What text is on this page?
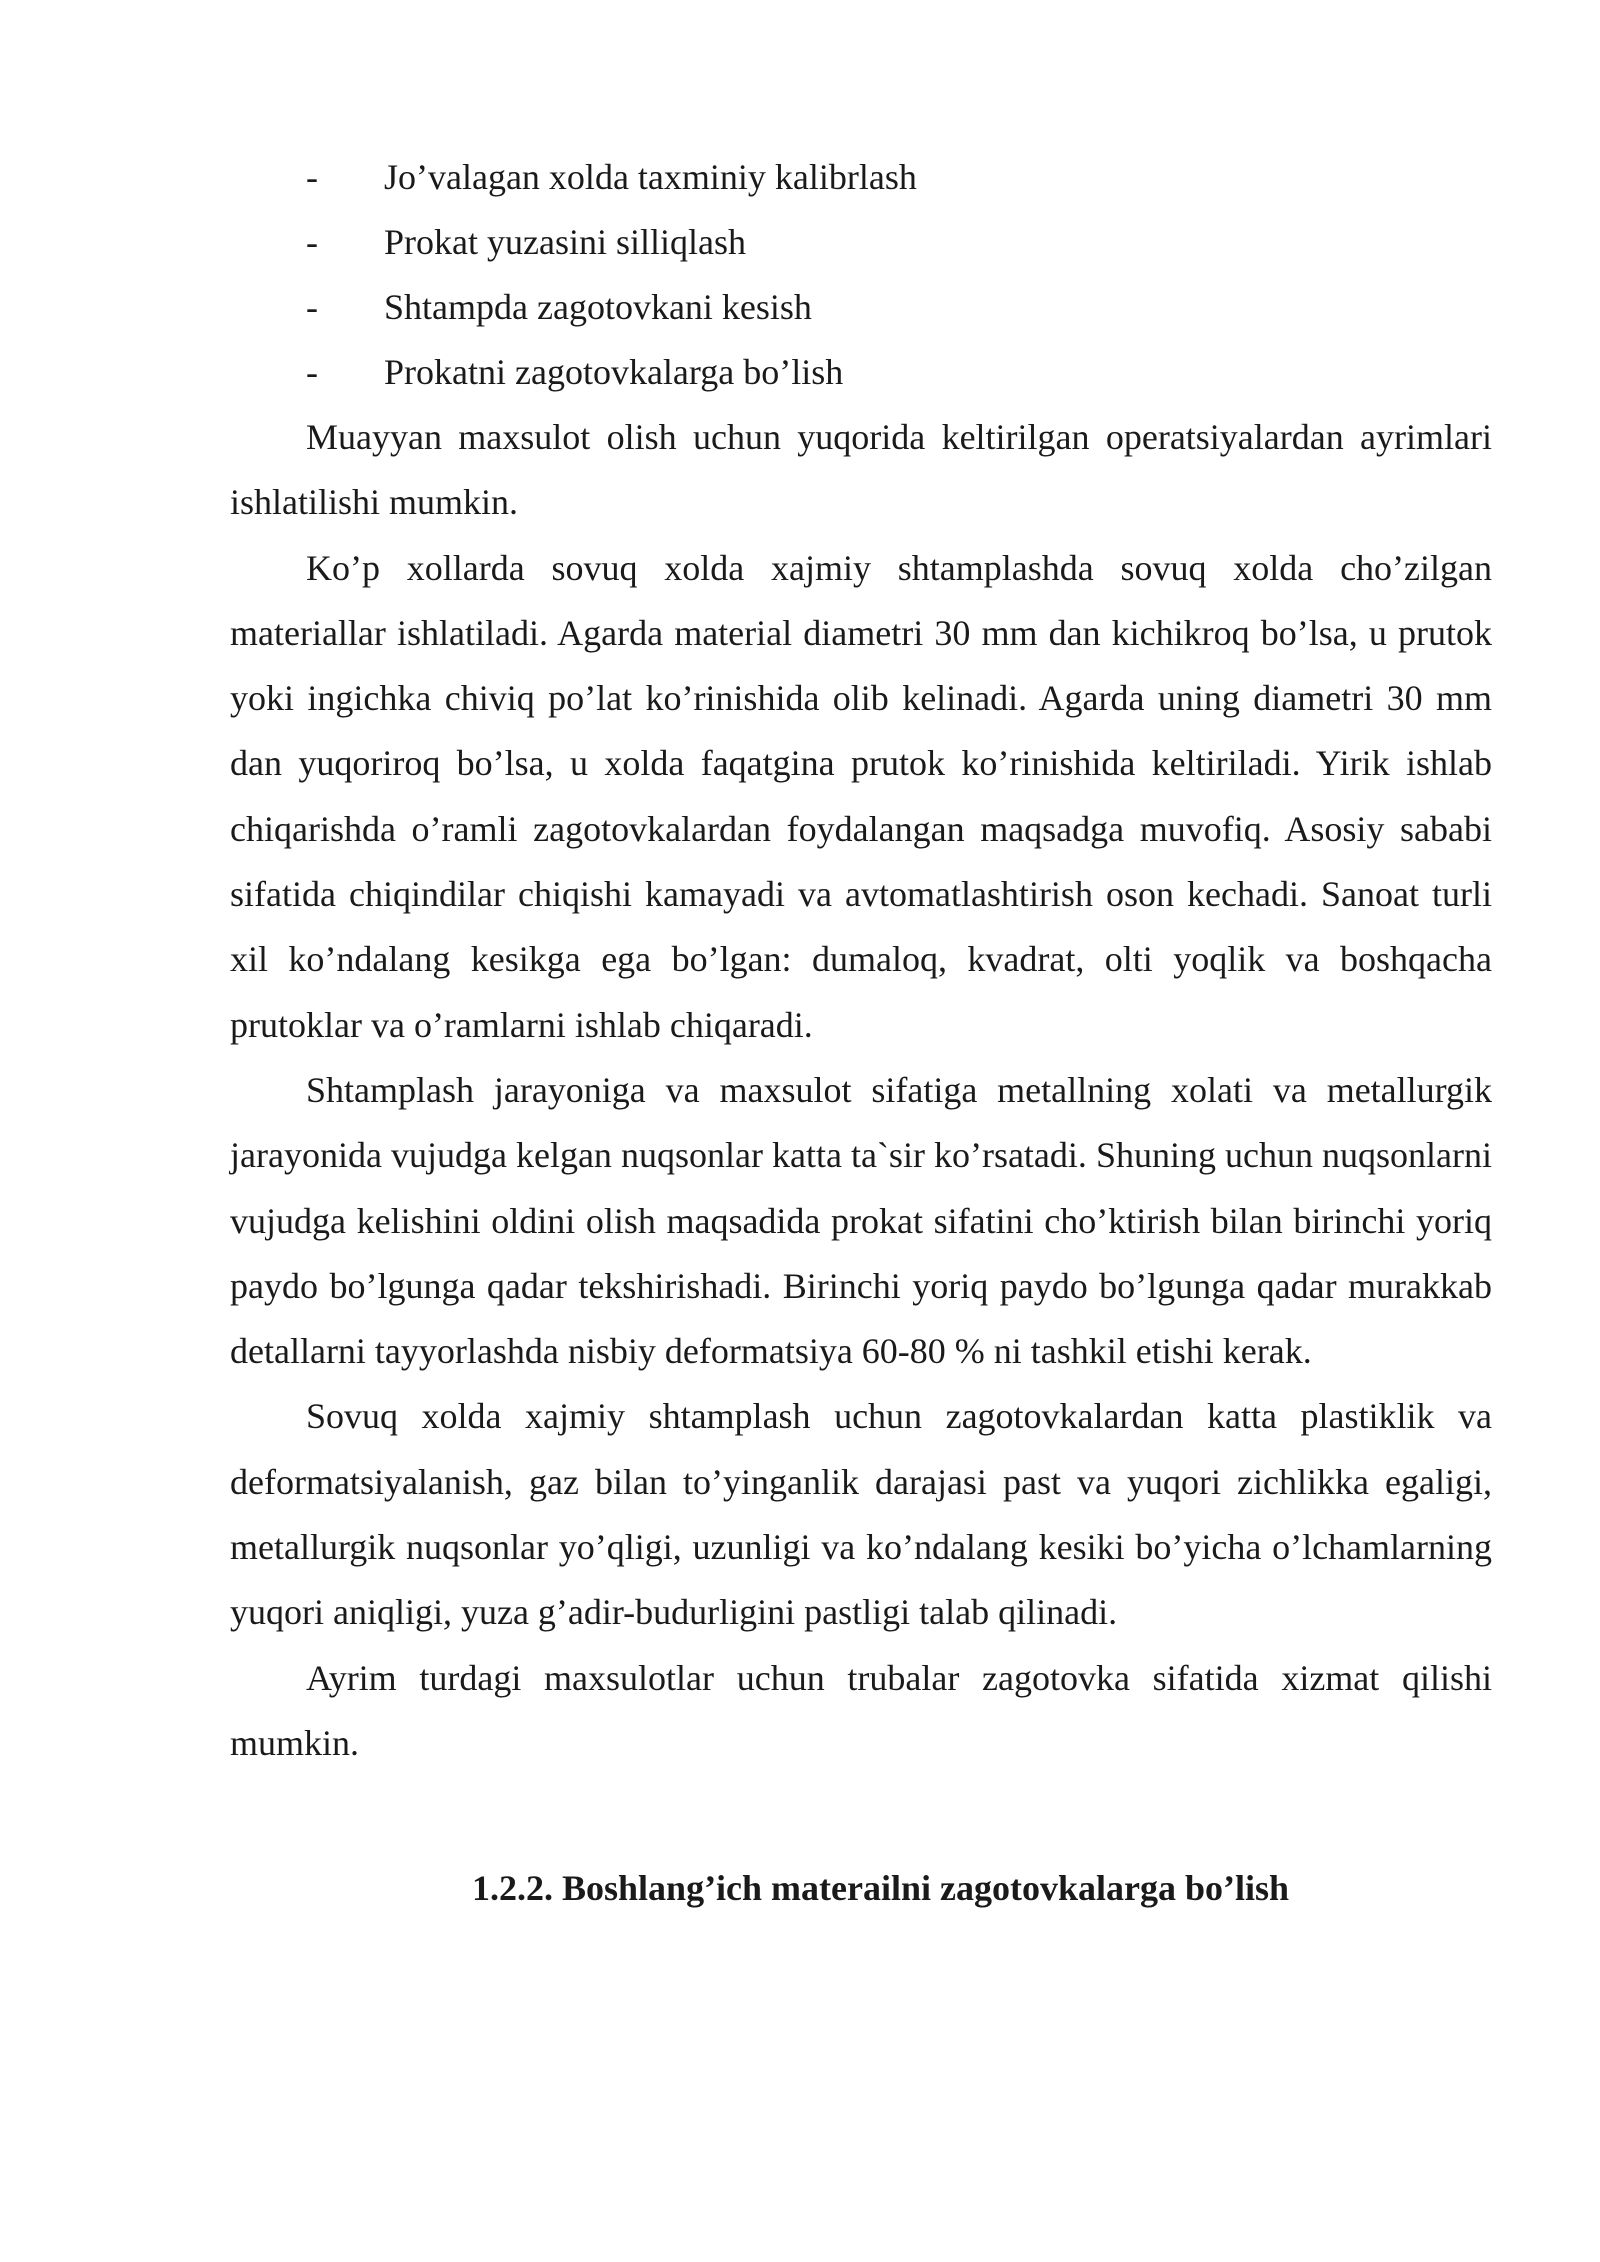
- Jo’valagan xolda taxminiy kalibrlash
- Prokat yuzasini silliqlash
- Shtampda zagotovkani kesish
- Prokatni zagotovkalarga bo’lish

Muayyan maxsulot olish uchun yuqorida keltirilgan operatsiyalardan ayrimlari ishlatilishi mumkin.

Ko’p xollarda sovuq xolda xajmiy shtamplashda sovuq xolda cho’zilgan materiallar ishlatiladi. Agarda material diametri 30 mm dan kichikroq bo’lsa, u prutok yoki ingichka chiviq po’lat ko’rinishida olib kelinadi. Agarda uning diametri 30 mm dan yuqoriroq bo’lsa, u xolda faqatgina prutok ko’rinishida keltiriladi. Yirik ishlab chiqarishda o’ramli zagotovkalardan foydalangan maqsadga muvofiq. Asosiy sababi sifatida chiqindilar chiqishi kamayadi va avtomatlashtirish oson kechadi. Sanoat turli xil ko’ndalang kesikga ega bo’lgan: dumaloq, kvadrat, olti yoqlik va boshqacha prutoklar va o’ramlarni ishlab chiqaradi.

Shtamplash jarayoniga va maxsulot sifatiga metallning xolati va metallurgik jarayonida vujudga kelgan nuqsonlar katta ta`sir ko’rsatadi. Shuning uchun nuqsonlarni vujudga kelishini oldini olish maqsadida prokat sifatini cho’ktirish bilan birinchi yoriq paydo bo’lgunga qadar tekshirishadi. Birinchi yoriq paydo bo’lgunga qadar murakkab detallarni tayyorlashda nisbiy deformatsiya 60-80 % ni tashkil etishi kerak.

Sovuq xolda xajmiy shtamplash uchun zagotovkalardan katta plastiklik va deformatsiyalanish, gaz bilan to’yinganlik darajasi past va yuqori zichlikka egaligi, metallurgik nuqsonlar yo’qligi, uzunligi va ko’ndalang kesiki bo’yicha o’lchamlarning yuqori aniqligi, yuza g’adir-budurligini pastligi talab qilinadi.

Ayrim turdagi maxsulotlar uchun trubalar zagotovka sifatida xizmat qilishi mumkin.

1.2.2. Boshlang’ich materailni zagotovkalarga bo’lish
